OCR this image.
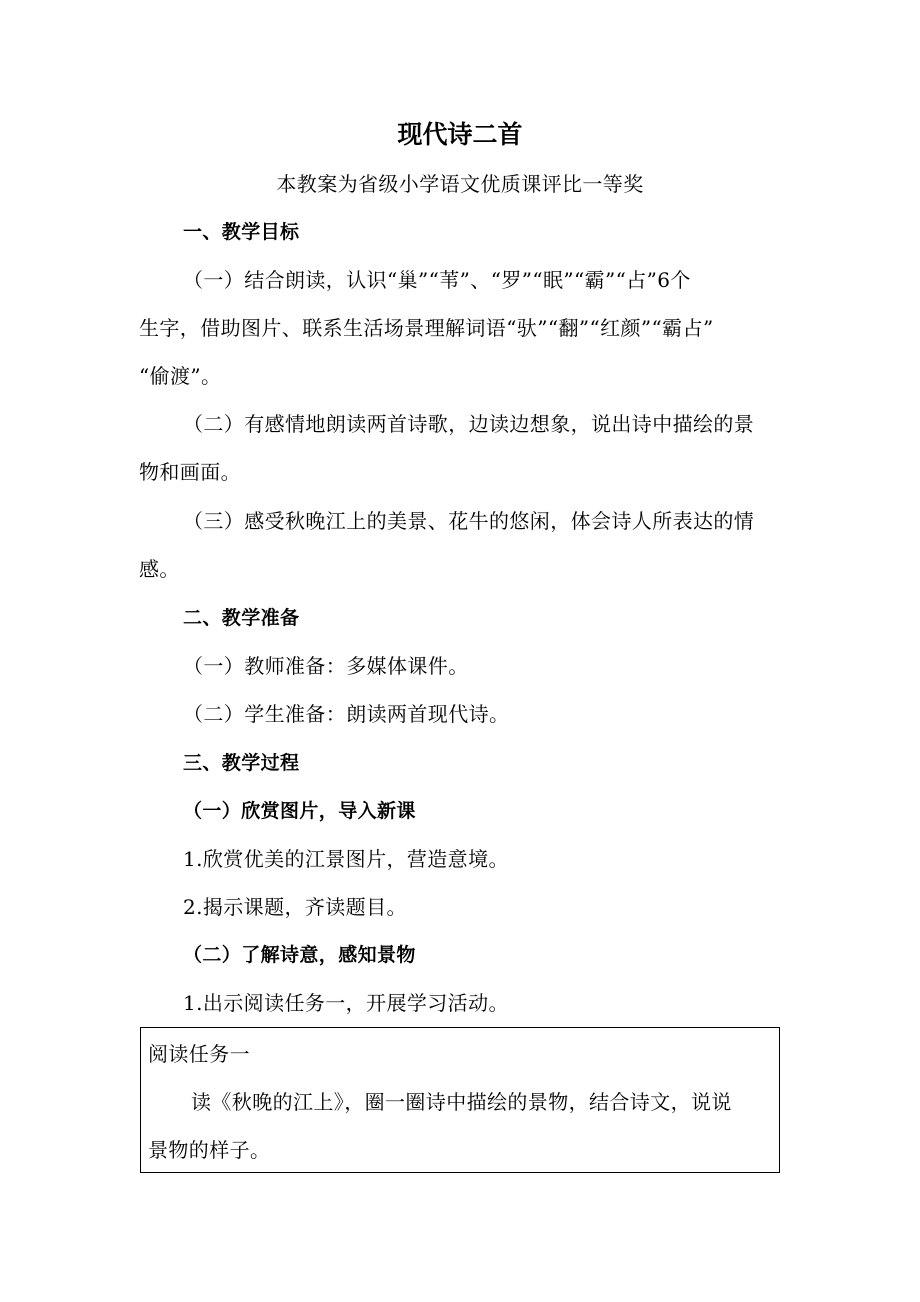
现代诗二首
本教案为省级小学语文优质课评比一等奖
一、教学目标
（一）结合朗读，认识“巢”“苇”、“罗”“眠”“霸”“占”6个
生字，借助图片、联系生活场景理解词语“驮”“翻”“红颜”“霸占”
“偷渡”。
（二）有感情地朗读两首诗歌，边读边想象，说出诗中描绘的景
物和画面。
（三）感受秋晚江上的美景、花牛的悠闲，体会诗人所表达的情
感。
二、教学准备
（一）教师准备：多媒体课件。
（二）学生准备：朗读两首现代诗。
三、教学过程
（一）欣赏图片，导入新课
1.欣赏优美的江景图片，营造意境。
2.揭示课题，齐读题目。
（二）了解诗意，感知景物
1.出示阅读任务一，开展学习活动。
阅读任务一
读《秋晚的江上》，圈一圈诗中描绘的景物，结合诗文，说说
景物的样子。
